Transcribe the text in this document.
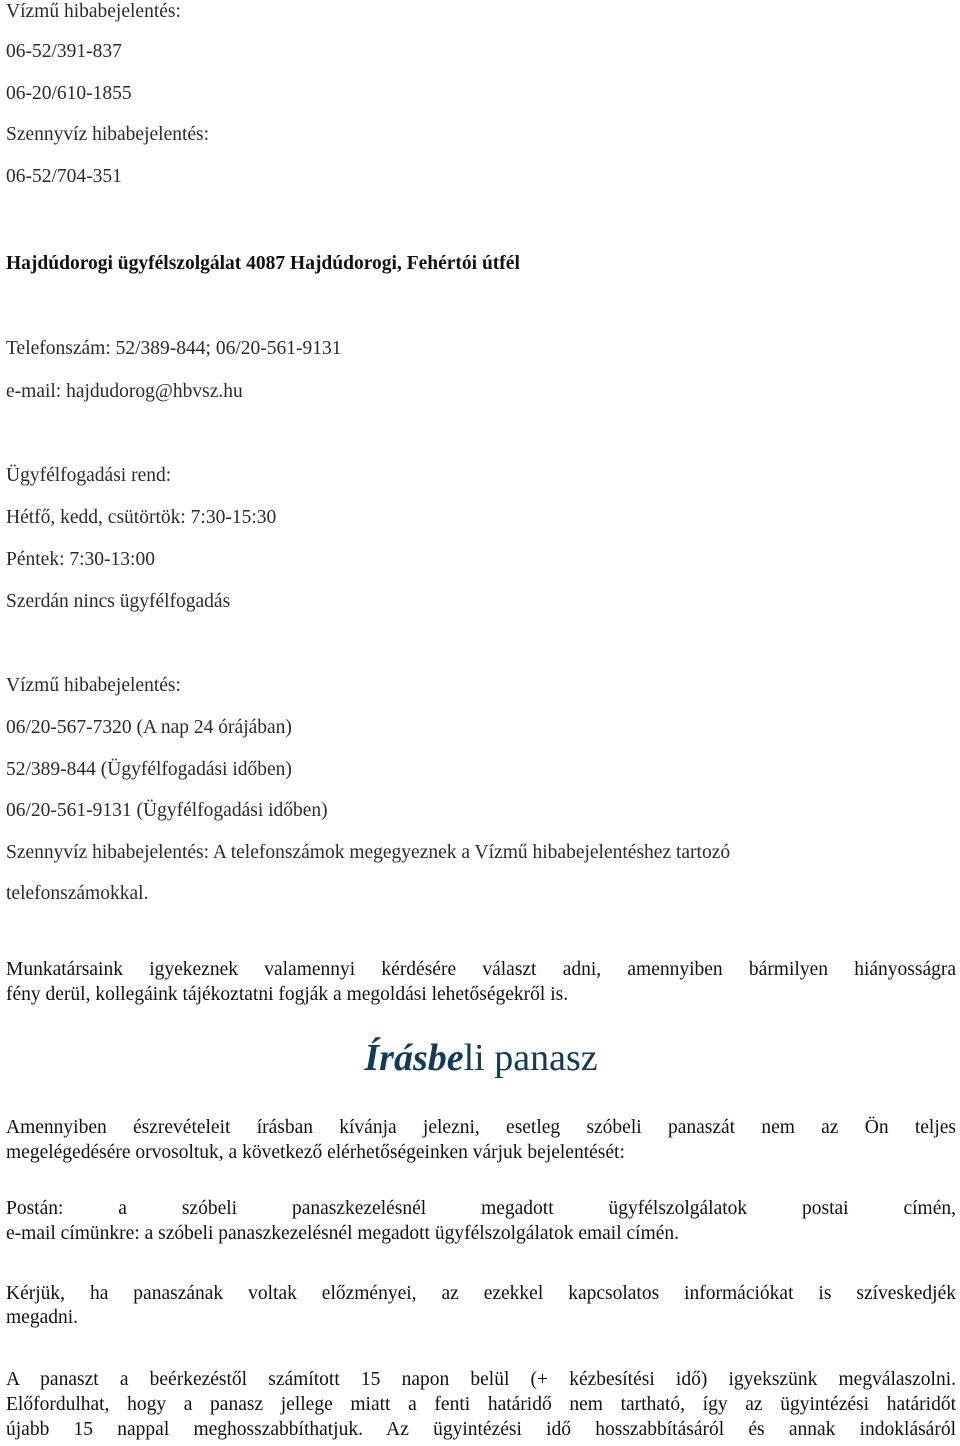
Vízmű hibabejelentés:
06-52/391-837
06-20/610-1855
Szennyvíz hibabejelentés:
06-52/704-351
Hajdúdorogi ügyfélszolgálat 4087 Hajdúdorogi, Fehértói útfél
Telefonszám: 52/389-844; 06/20-561-9131
e-mail: hajdudorog@hbvsz.hu
Ügyfélfogadási rend:
Hétfő, kedd, csütörtök: 7:30-15:30
Péntek: 7:30-13:00
Szerdán nincs ügyfélfogadás
Vízmű hibabejelentés:
06/20-567-7320 (A nap 24 órájában)
52/389-844 (Ügyfélfogadási időben)
06/20-561-9131 (Ügyfélfogadási időben)
Szennyvíz hibabejelentés: A telefonszámok megegyeznek a Vízmű hibabejelentéshez tartozó
telefonszámokkal.
Munkatársaink igyekeznek valamennyi kérdésére választ adni, amennyiben bármilyen hiányosságra
fény derül, kollegáink tájékoztatni fogják a megoldási lehetőségekről is.
Írásbeli panasz
Amennyiben észrevételeit írásban kívánja jelezni, esetleg szóbeli panaszát nem az Ön teljes
megelégedésére orvosoltuk, a következő elérhetőségeinken várjuk bejelentését:
Postán: a szóbeli panaszkezelésnél megadott ügyfélszolgálatok postai címén,
e-mail címünkre: a szóbeli panaszkezelésnél megadott ügyfélszolgálatok email címén.
Kérjük, ha panaszának voltak előzményei, az ezekkel kapcsolatos információkat is szíveskedjék
megadni.
A panaszt a beérkezéstől számított 15 napon belül (+ kézbesítési idő) igyekszünk megválaszolni.
Előfordulhat, hogy a panasz jellege miatt a fenti határidő nem tartható, így az ügyintézési határidőt
újabb 15 nappal meghosszabbíthatjuk. Az ügyintézési idő hosszabbításáról és annak indoklásáról
